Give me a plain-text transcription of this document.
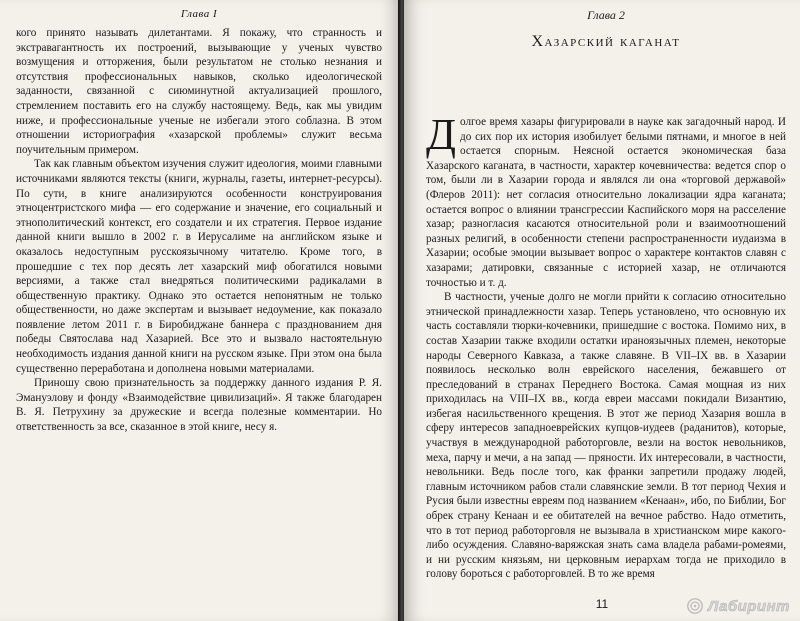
Глава I

кого принято называть дилетантами. Я покажу, что странность и экстравагантность их построений, вызывающие у ученых чувство возмущения и отторжения, были результатом не столько незнания и отсутствия профессиональных навыков, сколько идеологической заданности, связанной с сиюминутной актуализацией прошлого, стремлением поставить его на службу настоящему. Ведь, как мы увидим ниже, и профессиональные ученые не избегали этого соблазна. В этом отношении историография «хазарской проблемы» служит весьма поучительным примером.

Так как главным объектом изучения служит идеология, моими главными источниками являются тексты (книги, журналы, газеты, интернет-ресурсы). По сути, в книге анализируются особенности конструирования этноцентристского мифа — его содержание и значение, его социальный и этнополитический контекст, его создатели и их стратегия. Первое издание данной книги вышло в 2002 г. в Иерусалиме на английском языке и оказалось недоступным русскоязычному читателю. Кроме того, в прошедшие с тех пор десять лет хазарский миф обогатился новыми версиями, а также стал внедряться политическими радикалами в общественную практику. Однако это остается непонятным не только общественности, но даже экспертам и вызывает недоумение, как показало появление летом 2011 г. в Биробиджане баннера с празднованием дня победы Святослава над Хазарией. Все это и вызвало настоятельную необходимость издания данной книги на русском языке. При этом она была существенно переработана и дополнена новыми материалами.

Приношу свою признательность за поддержку данного издания Р. Я. Эмануэлову и фонду «Взаимодействие цивилизаций». Я также благодарен В. Я. Петрухину за дружеские и всегда полезные комментарии. Но ответственность за все, сказанное в этой книге, несу я.

Глава 2
Хазарский каганат

Долгое время хазары фигурировали в науке как загадочный народ. И до сих пор их история изобилует белыми пятнами, и многое в ней остается спорным. Неясной остается экономическая база Хазарского каганата, в частности, характер кочевничества: ведется спор о том, были ли в Хазарии города и являлся ли она «торговой державой» (Флеров 2011): нет согласия относительно локализации ядра каганата; остается вопрос о влиянии трансгрессии Каспийского моря на расселение хазар; разногласия касаются относительной роли и взаимоотношений разных религий, в особенности степени распространенности иудаизма в Хазарии; особые эмоции вызывает вопрос о характере контактов славян с хазарами; датировки, связанные с историей хазар, не отличаются точностью и т. д.

В частности, ученые долго не могли прийти к согласию относительно этнической принадлежности хазар. Теперь установлено, что основную их часть составляли тюрки-кочевники, пришедшие с востока. Помимо них, в состав Хазарии также входили остатки ираноязычных племен, некоторые народы Северного Кавказа, а также славяне. В VII–IX вв. в Хазарии появилось несколько волн еврейского населения, бежавшего от преследований в странах Переднего Востока. Самая мощная из них приходилась на VIII–IX вв., когда евреи массами покидали Византию, избегая насильственного крещения. В этот же период Хазария вошла в сферу интересов западноеврейских купцов-иудеев (раданитов), которые, участвуя в международной работорговле, везли на восток невольников, меха, парчу и мечи, а на запад — пряности. Их интересовали, в частности, невольники. Ведь после того, как франки запретили продажу людей, главным источником рабов стали славянские земли. В тот период Чехия и Русия были известны евреям под названием «Кенаан», ибо, по Библии, Бог обрек страну Кенаан и ее обитателей на вечное рабство. Надо отметить, что в тот период работорговля не вызывала в христианском мире какого-либо осуждения. Славяно-варяжская знать сама владела рабами-ромеями, и ни русским князьям, ни церковным иерархам тогда не приходило в голову бороться с работорговлей. В то же время

11	Лабиринт
